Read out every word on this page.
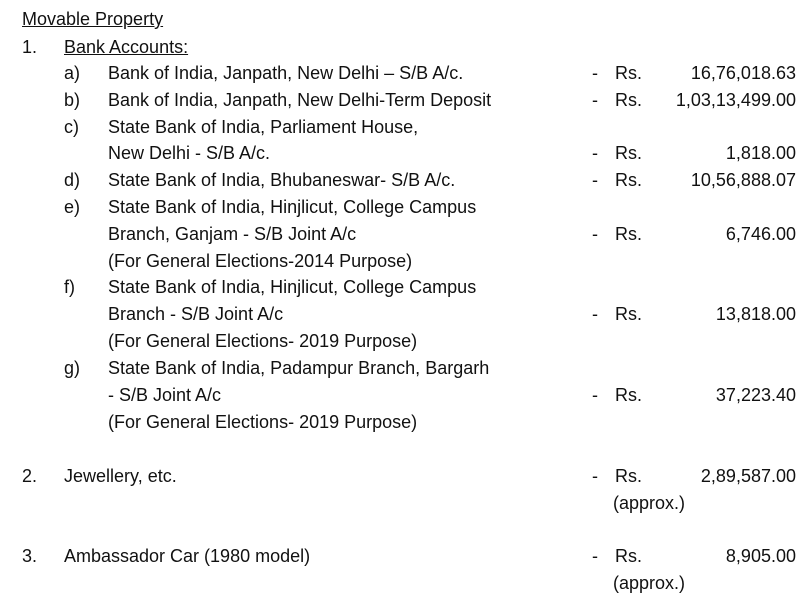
Movable Property
1. Bank Accounts:
a) Bank of India, Janpath, New Delhi – S/B A/c.	- Rs.	16,76,018.63
b) Bank of India, Janpath, New Delhi-Term Deposit	- Rs. 1,03,13,499.00
c) State Bank of India, Parliament House,
New Delhi - S/B A/c.	- Rs.	1,818.00
d) State Bank of India, Bhubaneswar- S/B A/c.	- Rs.	10,56,888.07
e) State Bank of India, Hinjlicut, College Campus
Branch, Ganjam - S/B Joint A/c
(For General Elections-2014 Purpose)
- Rs.	6,746.00
f) State Bank of India, Hinjlicut, College Campus
Branch - S/B Joint A/c
(For General Elections- 2019 Purpose)
- Rs.	13,818.00
g) State Bank of India, Padampur Branch, Bargarh
- S/B Joint A/c
(For General Elections- 2019 Purpose)
- Rs.	37,223.40
2. Jewellery, etc.	- Rs.	2,89,587.00
(approx.)
3. Ambassador Car (1980 model)	- Rs.	8,905.00
(approx.)
